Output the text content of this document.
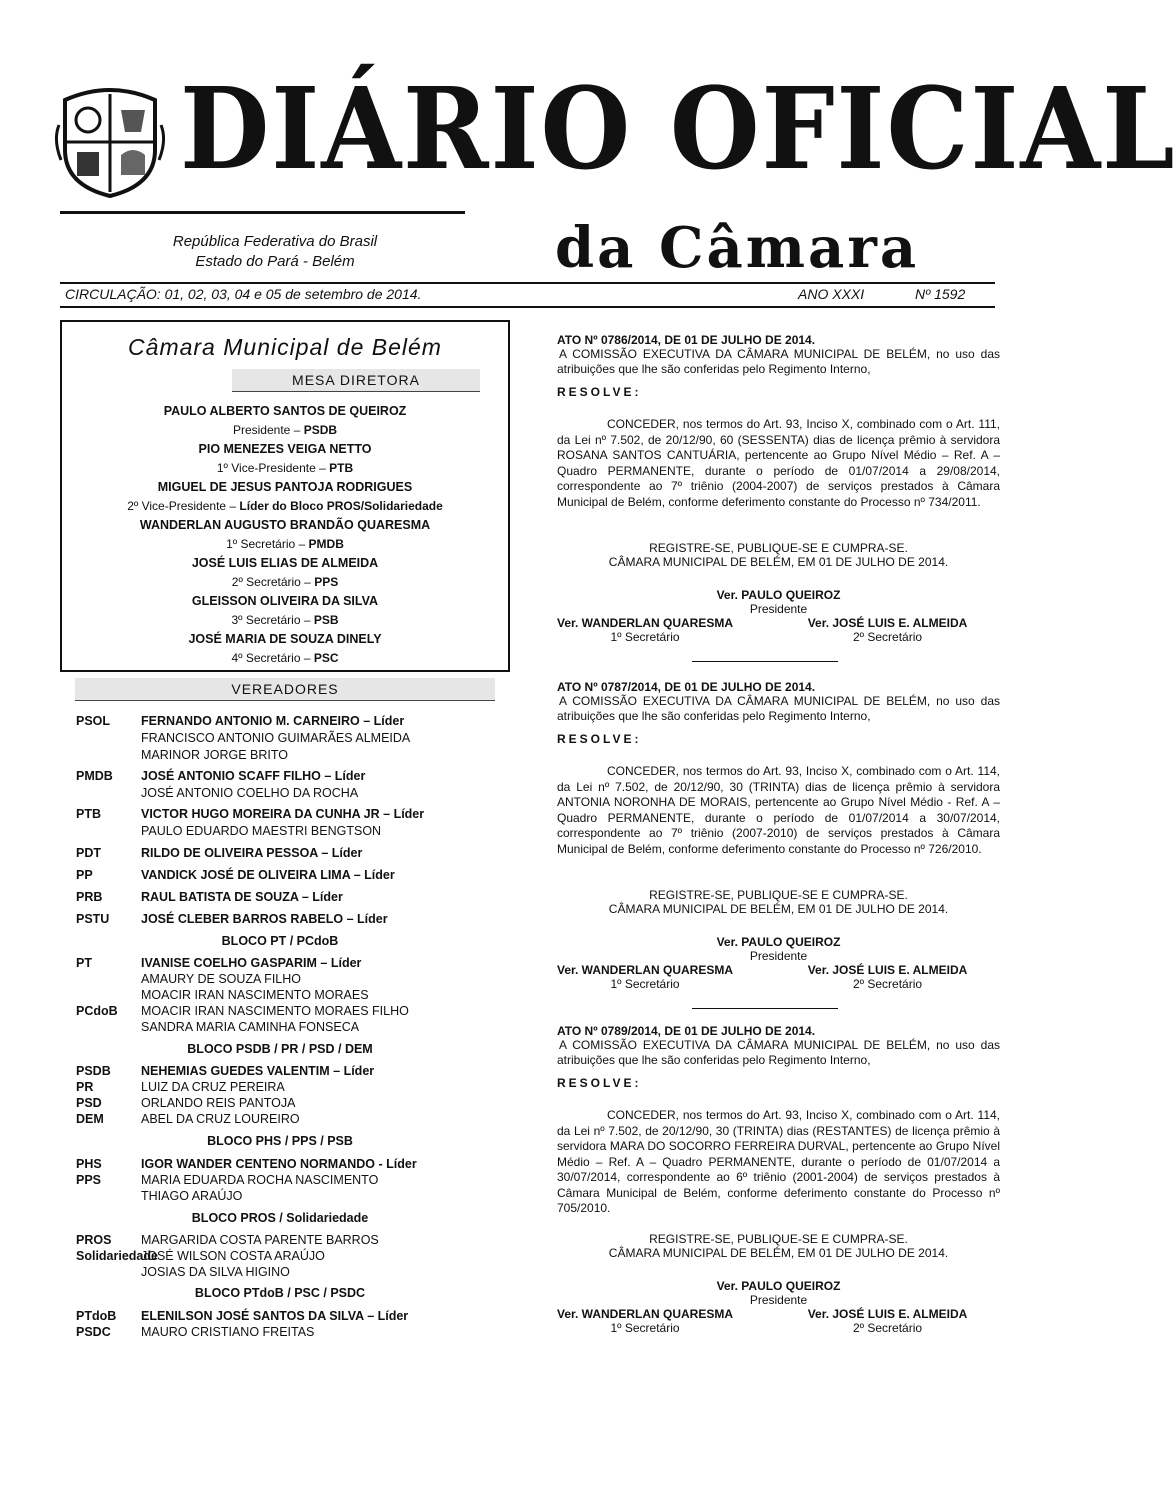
DIÁRIO OFICIAL
República Federativa do Brasil
Estado do Pará - Belém	da Câmara
CIRCULAÇÃO: 01, 02, 03, 04 e 05 de setembro de 2014.	ANO XXXI	Nº 1592
Câmara Municipal de Belém
MESA DIRETORA
PAULO ALBERTO SANTOS DE QUEIROZ
Presidente – PSDB
PIO MENEZES VEIGA NETTO
1º Vice-Presidente – PTB
MIGUEL DE JESUS PANTOJA RODRIGUES
2º Vice-Presidente – Líder do Bloco PROS/Solidariedade
WANDERLAN AUGUSTO BRANDÃO QUARESMA
1º Secretário – PMDB
JOSÉ LUIS ELIAS DE ALMEIDA
2º Secretário – PPS
GLEISSON OLIVEIRA DA SILVA
3º Secretário – PSB
JOSÉ MARIA DE SOUZA DINELY
4º Secretário – PSC
VEREADORES
PSOL FERNANDO ANTONIO M. CARNEIRO – Líder
FRANCISCO ANTONIO GUIMARÃES ALMEIDA
MARINOR JORGE BRITO
PMDB JOSÉ ANTONIO SCAFF FILHO – Líder
JOSÉ ANTONIO COELHO DA ROCHA
PTB	VICTOR HUGO MOREIRA DA CUNHA JR – Líder
PAULO EDUARDO MAESTRI BENGTSON
PDT	RILDO DE OLIVEIRA PESSOA – Líder
PP	VANDICK JOSÉ DE OLIVEIRA LIMA – Líder
PRB	RAUL BATISTA DE SOUZA – Líder
PSTU	JOSÉ CLEBER BARROS RABELO – Líder
PT	IVANISE COELHO GASPARIM – Líder
AMAURY DE SOUZA FILHO
MOACIR IRAN NASCIMENTO MORAES
PCdoB MOACIR IRAN NASCIMENTO MORAES FILHO
SANDRA MARIA CAMINHA FONSECA
PSDB NEHEMIAS GUEDES VALENTIM – Líder
PR	LUIZ DA CRUZ PEREIRA
PSD	ORLANDO REIS PANTOJA
DEM	ABEL DA CRUZ LOUREIRO
PHS	IGOR WANDER CENTENO NORMANDO - Líder
PPS	MARIA EDUARDA ROCHA NASCIMENTO
THIAGO ARAÚJO
PROS MARGARIDA COSTA PARENTE BARROS
Solidariedade
JOSÉ WILSON COSTA ARAÚJO
JOSIAS DA SILVA HIGINO
PTdoB ELENILSON JOSÉ SANTOS DA SILVA – Líder
PSDC MAURO CRISTIANO FREITAS
BLOCO PT / PCdoB
BLOCO PSDB / PR / PSD / DEM
BLOCO PHS / PPS / PSB
BLOCO PROS / Solidariedade
BLOCO PTdoB / PSC / PSDC
ATO Nº 0786/2014, DE 01 DE JULHO DE 2014.
A COMISSÃO EXECUTIVA DA CÂMARA MUNICIPAL DE BELÉM, no uso das atribuições que lhe são conferidas pelo Regimento Interno,
RESOLVE:
CONCEDER, nos termos do Art. 93, Inciso X, combinado com o Art. 111, da Lei nº 7.502, de 20/12/90, 60 (SESSENTA) dias de licença prêmio à servidora ROSANA SANTOS CANTUÁRIA, pertencente ao Grupo Nível Médio – Ref. A – Quadro PERMANENTE, durante o período de 01/07/2014 a 29/08/2014, correspondente ao 7º triênio (2004-2007) de serviços prestados à Câmara Municipal de Belém, conforme deferimento constante do Processo nº 734/2011.
REGISTRE-SE, PUBLIQUE-SE E CUMPRA-SE.
CÂMARA MUNICIPAL DE BELÉM, EM 01 DE JULHO DE 2014.
Ver. PAULO QUEIROZ
Presidente
Ver. WANDERLAN QUARESMA
1º Secretário
Ver. JOSÉ LUIS E. ALMEIDA
2º Secretário
ATO Nº 0787/2014, DE 01 DE JULHO DE 2014.
A COMISSÃO EXECUTIVA DA CÂMARA MUNICIPAL DE BELÉM, no uso das atribuições que lhe são conferidas pelo Regimento Interno,
RESOLVE:
CONCEDER, nos termos do Art. 93, Inciso X, combinado com o Art. 114, da Lei nº 7.502, de 20/12/90, 30 (TRINTA) dias de licença prêmio à servidora ANTONIA NORONHA DE MORAIS, pertencente ao Grupo Nível Médio - Ref. A – Quadro PERMANENTE, durante o período de 01/07/2014 a 30/07/2014, correspondente ao 7º triênio (2007-2010) de serviços prestados à Câmara Municipal de Belém, conforme deferimento constante do Processo nº 726/2010.
REGISTRE-SE, PUBLIQUE-SE E CUMPRA-SE.
CÂMARA MUNICIPAL DE BELÉM, EM 01 DE JULHO DE 2014.
Ver. PAULO QUEIROZ
Presidente
Ver. WANDERLAN QUARESMA
1º Secretário
Ver. JOSÉ LUIS E. ALMEIDA
2º Secretário
ATO Nº 0789/2014, DE 01 DE JULHO DE 2014.
A COMISSÃO EXECUTIVA DA CÂMARA MUNICIPAL DE BELÉM, no uso das atribuições que lhe são conferidas pelo Regimento Interno,
RESOLVE:
CONCEDER, nos termos do Art. 93, Inciso X, combinado com o Art. 114, da Lei nº 7.502, de 20/12/90, 30 (TRINTA) dias (RESTANTES) de licença prêmio à servidora MARA DO SOCORRO FERREIRA DURVAL, pertencente ao Grupo Nível Médio – Ref. A – Quadro PERMANENTE, durante o período de 01/07/2014 a 30/07/2014, correspondente ao 6º triênio (2001-2004) de serviços prestados à Câmara Municipal de Belém, conforme deferimento constante do Processo nº 705/2010.
REGISTRE-SE, PUBLIQUE-SE E CUMPRA-SE.
CÂMARA MUNICIPAL DE BELÉM, EM 01 DE JULHO DE 2014.
Ver. PAULO QUEIROZ
Presidente
Ver. WANDERLAN QUARESMA
1º Secretário
Ver. JOSÉ LUIS E. ALMEIDA
2º Secretário
